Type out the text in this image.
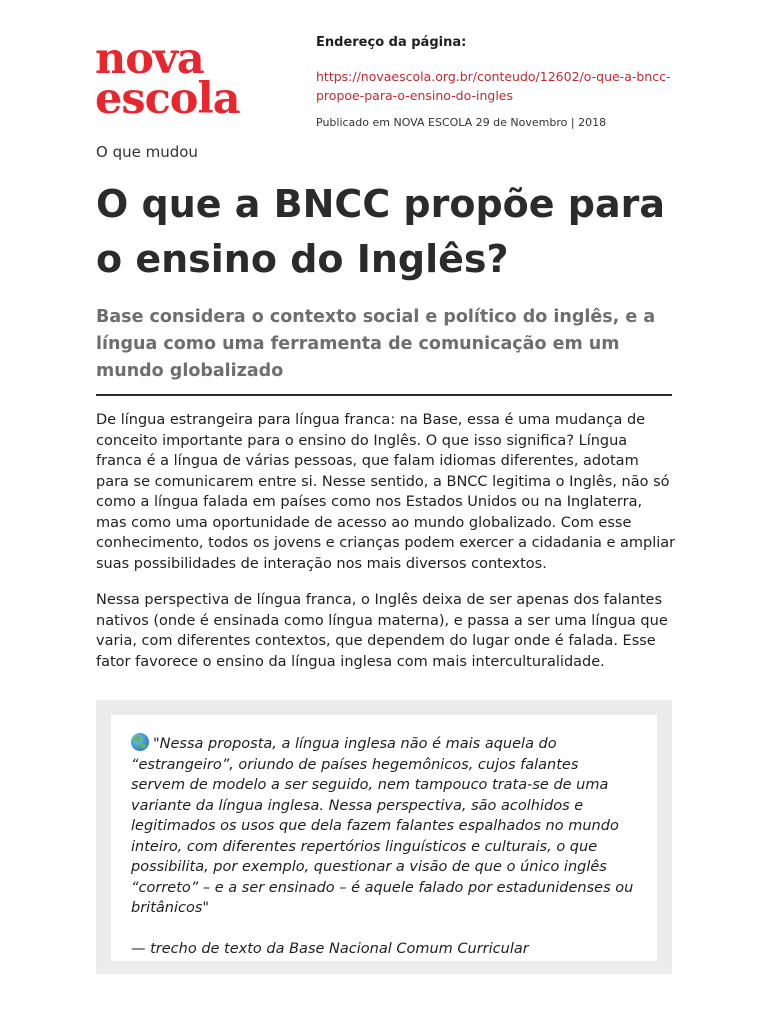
nova
escola
Endereço da página:
https://novaescola.org.br/conteudo/12602/o-que-a-bncc-propoe-para-o-ensino-do-ingles
Publicado em NOVA ESCOLA 29 de Novembro | 2018
O que mudou
O que a BNCC propõe para o ensino do Inglês?
Base considera o contexto social e político do inglês, e a língua como uma ferramenta de comunicação em um mundo globalizado

De língua estrangeira para língua franca: na Base, essa é uma mudança de conceito importante para o ensino do Inglês. O que isso significa? Língua franca é a língua de várias pessoas, que falam idiomas diferentes, adotam para se comunicarem entre si. Nesse sentido, a BNCC legitima o Inglês, não só como a língua falada em países como nos Estados Unidos ou na Inglaterra, mas como uma oportunidade de acesso ao mundo globalizado. Com esse conhecimento, todos os jovens e crianças podem exercer a cidadania e ampliar suas possibilidades de interação nos mais diversos contextos.

Nessa perspectiva de língua franca, o Inglês deixa de ser apenas dos falantes nativos (onde é ensinada como língua materna), e passa a ser uma língua que varia, com diferentes contextos, que dependem do lugar onde é falada. Esse fator favorece o ensino da língua inglesa com mais interculturalidade.

"Nessa proposta, a língua inglesa não é mais aquela do “estrangeiro”, oriundo de países hegemônicos, cujos falantes servem de modelo a ser seguido, nem tampouco trata-se de uma variante da língua inglesa. Nessa perspectiva, são acolhidos e legitimados os usos que dela fazem falantes espalhados no mundo inteiro, com diferentes repertórios linguísticos e culturais, o que possibilita, por exemplo, questionar a visão de que o único inglês “correto” – e a ser ensinado – é aquele falado por estadunidenses ou britânicos"
— trecho de texto da Base Nacional Comum Curricular
